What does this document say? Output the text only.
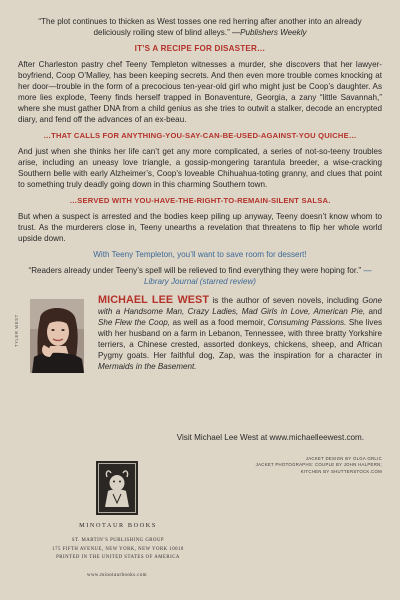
“The plot continues to thicken as West tosses one red herring after another into an already deliciously roiling stew of blind alleys.” —Publishers Weekly

IT’S A RECIPE FOR DISASTER…

After Charleston pastry chef Teeny Templeton witnesses a murder, she discovers that her lawyer-boyfriend, Coop O’Malley, has been keeping secrets. And then even more trouble comes knocking at her door—trouble in the form of a precocious ten-year-old girl who might just be Coop’s daughter. As more lies explode, Teeny finds herself trapped in Bonaventure, Georgia, a zany “little Savannah,” where she must gather DNA from a child genius as she tries to outwit a stalker, decode an encrypted diary, and fend off the advances of an ex-beau.

…THAT CALLS FOR ANYTHING-YOU-SAY-CAN-BE-USED-AGAINST-YOU QUICHE…

And just when she thinks her life can’t get any more complicated, a series of not-so-teeny troubles arise, including an uneasy love triangle, a gossip-mongering tarantula breeder, a wise-cracking Southern belle with early Alzheimer’s, Coop’s loveable Chihuahua-toting granny, and clues that point to something truly deadly going down in this charming Southern town.

…SERVED WITH YOU-HAVE-THE-RIGHT-TO-REMAIN-SILENT SALSA.

But when a suspect is arrested and the bodies keep piling up anyway, Teeny doesn’t know whom to trust. As the murderers close in, Teeny unearths a revelation that threatens to flip her whole world upside down.

With Teeny Templeton, you’ll want to save room for dessert!

“Readers already under Teeny’s spell will be relieved to find everything they were hoping for.” —Library Journal (starred review)

TYLER WEST

MICHAEL LEE WEST is the author of seven novels, including Gone with a Handsome Man, Crazy Ladies, Mad Girls in Love, American Pie, and She Flew the Coop, as well as a food memoir, Consuming Passions. She lives with her husband on a farm in Lebanon, Tennessee, with three bratty Yorkshire terriers, a Chinese crested, assorted donkeys, chickens, sheep, and African Pygmy goats. Her faithful dog, Zap, was the inspiration for a character in Mermaids in the Basement.

Visit Michael Lee West at www.michaelleewest.com.
JACKET DESIGN BY OLGA GRLIC
JACKET PHOTOGRAPHS: COUPLE BY JOHN HALPERN;
KITCHEN BY SHUTTERSTOCK.COM
MINOTAUR BOOKS
ST. MARTIN’S PUBLISHING GROUP
175 FIFTH AVENUE, NEW YORK, NEW YORK 10010
PRINTED IN THE UNITED STATES OF AMERICA
www.minotaurbooks.com
